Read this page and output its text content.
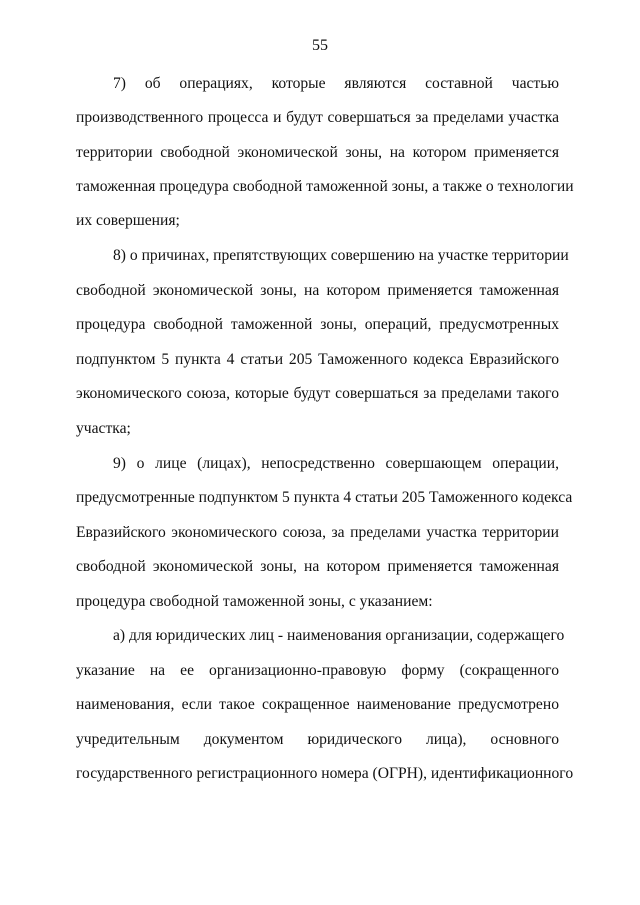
55
7) об операциях, которые являются составной частью
производственного процесса и будут совершаться за пределами участка
территории свободной экономической зоны, на котором применяется
таможенная процедура свободной таможенной зоны, а также о технологии
их совершения;
8) о причинах, препятствующих совершению на участке территории
свободной экономической зоны, на котором применяется таможенная
процедура свободной таможенной зоны, операций, предусмотренных
подпунктом 5 пункта 4 статьи 205 Таможенного кодекса Евразийского
экономического союза, которые будут совершаться за пределами такого
участка;
9) о лице (лицах), непосредственно совершающем операции,
предусмотренные подпунктом 5 пункта 4 статьи 205 Таможенного кодекса
Евразийского экономического союза, за пределами участка территории
свободной экономической зоны, на котором применяется таможенная
процедура свободной таможенной зоны, с указанием:
а) для юридических лиц - наименования организации, содержащего
указание на ее организационно-правовую форму (сокращенного
наименования, если такое сокращенное наименование предусмотрено
учредительным документом юридического лица), основного
государственного регистрационного номера (ОГРН), идентификационного
